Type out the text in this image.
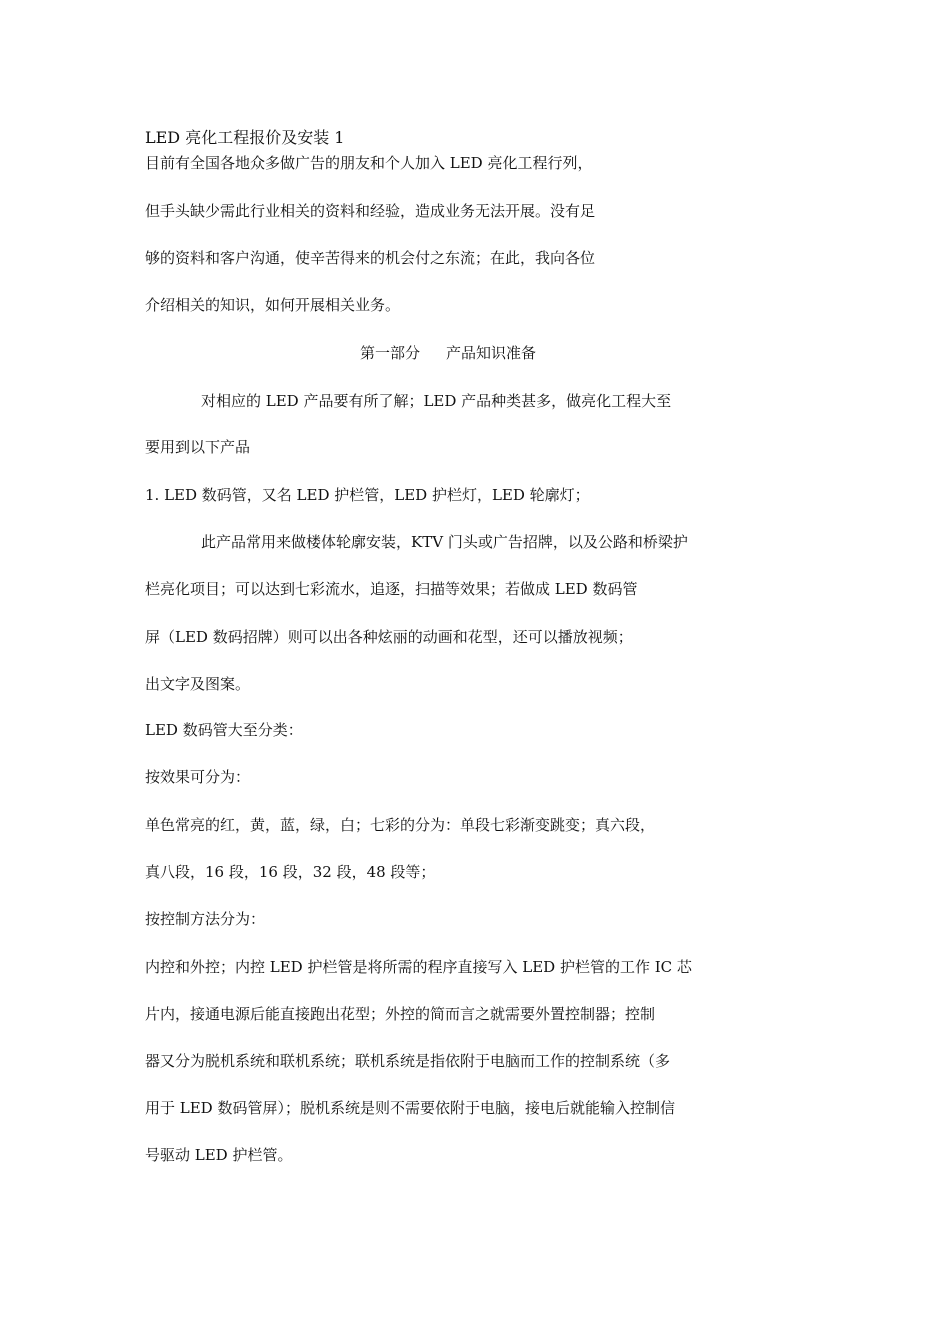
LED 亮化工程报价及安装 1
目前有全国各地众多做广告的朋友和个人加入 LED 亮化工程行列，
但手头缺少需此行业相关的资料和经验，造成业务无法开展。没有足
够的资料和客户沟通，使辛苦得来的机会付之东流；在此，我向各位
介绍相关的知识，如何开展相关业务。
第一部分 产品知识准备
对相应的 LED 产品要有所了解；LED 产品种类甚多，做亮化工程大至
要用到以下产品
1. LED 数码管，又名 LED 护栏管，LED 护栏灯，LED 轮廓灯；
此产品常用来做楼体轮廓安装，KTV 门头或广告招牌，以及公路和桥梁护
栏亮化项目；可以达到七彩流水，追逐，扫描等效果；若做成 LED 数码管
屏（LED 数码招牌）则可以出各种炫丽的动画和花型，还可以播放视频；
出文字及图案。
LED 数码管大至分类：
按效果可分为：
单色常亮的红，黄，蓝，绿，白；七彩的分为：单段七彩渐变跳变；真六段，
真八段，16 段，16 段，32 段，48 段等；
按控制方法分为：
内控和外控；内控 LED 护栏管是将所需的程序直接写入 LED 护栏管的工作 IC 芯
片内，接通电源后能直接跑出花型；外控的简而言之就需要外置控制器；控制
器又分为脱机系统和联机系统；联机系统是指依附于电脑而工作的控制系统（多
用于 LED 数码管屏）；脱机系统是则不需要依附于电脑，接电后就能输入控制信
号驱动 LED 护栏管。
